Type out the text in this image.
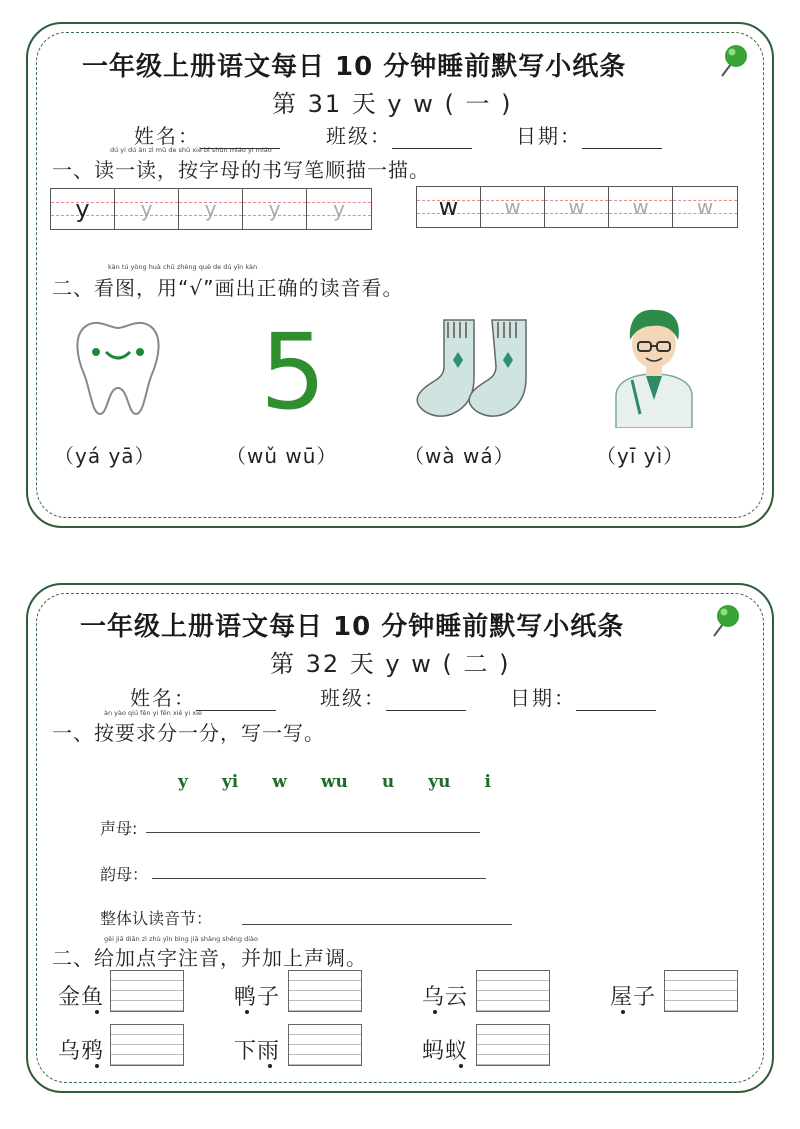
一年级上册语文每日 10 分钟睡前默写小纸条
第 31 天 y w ( 一 )
姓名：	班级：	日期：
dú yi dú àn zì mǔ de shū xiě bǐ shùn miáo yi miáo
一、读一读，按字母的书写笔顺描一描。
y	y	y	y	y	w w w w w
kàn tú yòng huà chū zhèng què de dú yīn kàn
二、看图，用“√”画出正确的读音看。
5
（yá yā）	（wǔ wū）	（wà wá）	（yī yì）
一年级上册语文每日 10 分钟睡前默写小纸条
第 32 天 y w ( 二 )
姓名：	班级：	日期：
àn yào qiú fēn yi fēn xiě yi xiě
一、按要求分一分，写一写。
y yi w wu u yu i
声母:
韵母：
整体认读音节：
gěi jiā diǎn zì zhù yīn bìng jiā shàng shēng diào
二、给加点字注音，并加上声调。
金鱼	鸭子	乌云	屋子
乌鸦	下雨	蚂蚁
